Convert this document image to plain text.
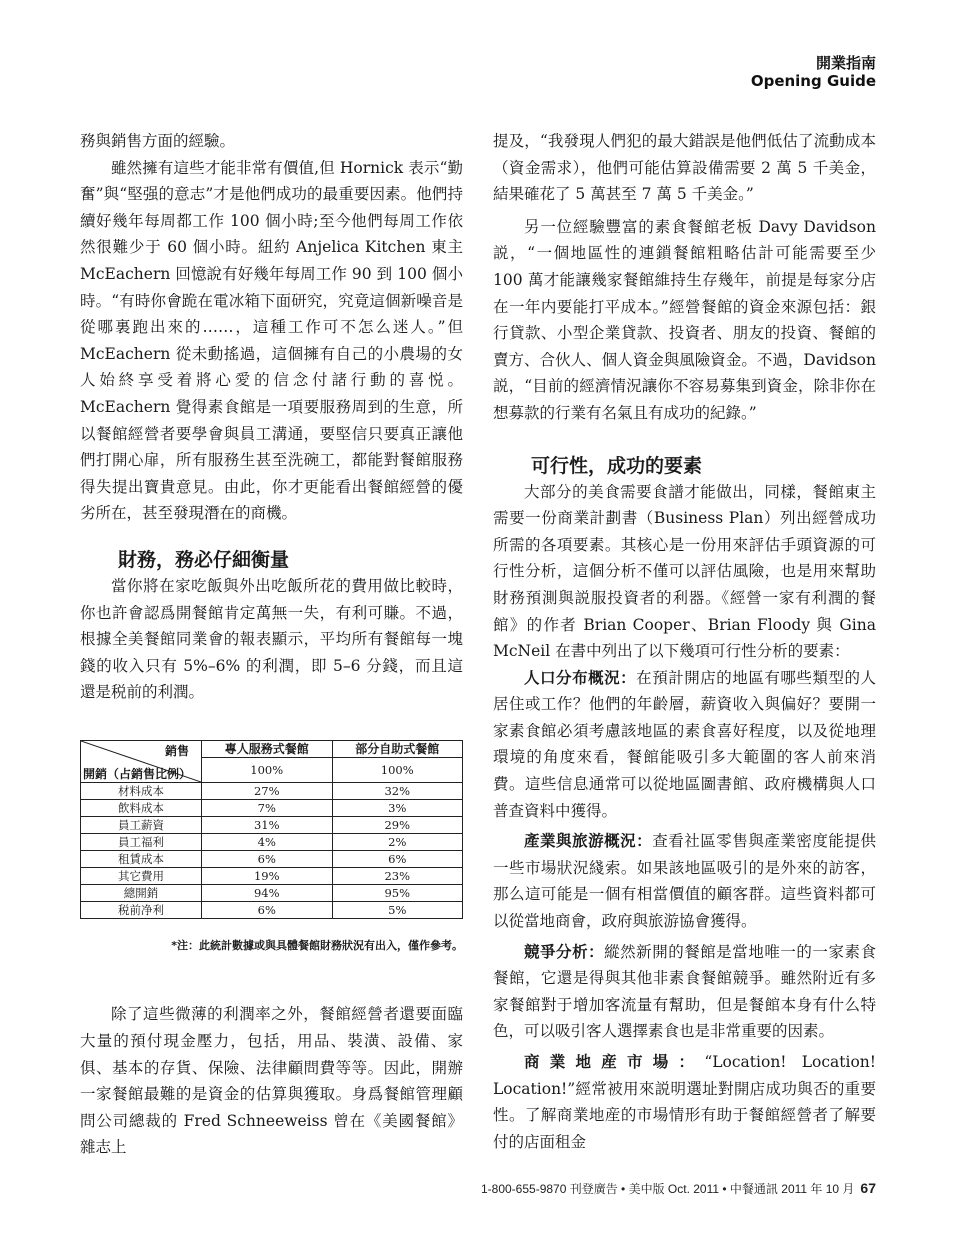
開業指南
Opening Guide

務與銷售方面的經驗。

雖然擁有這些才能非常有價值,但 Hornick 表示“勤奮”與“堅强的意志”才是他們成功的最重要因素。他們持續好幾年每周都工作 100 個小時;至今他們每周工作依然很難少于 60 個小時。紐約 Anjelica Kitchen 東主 McEachern 回憶說有好幾年每周工作 90 到 100 個小時。“有時你會跪在電冰箱下面研究，究竟這個新噪音是從哪裏跑出來的……，這種工作可不怎么迷人。”但 McEachern 從未動搖過，這個擁有自己的小農場的女人始終享受着將心愛的信念付諸行動的喜悦。McEachern 覺得素食館是一項要服務周到的生意，所以餐館經營者要學會與員工溝通，要堅信只要真正讓他們打開心扉，所有服務生甚至洗碗工，都能對餐館服務得失提出寶貴意見。由此，你才更能看出餐館經營的優劣所在，甚至發現潛在的商機。

財務，務必仔細衡量

當你將在家吃飯與外出吃飯所花的費用做比較時，你也許會認爲開餐館肯定萬無一失，有利可賺。不過，根據全美餐館同業會的報表顯示，平均所有餐館每一塊錢的收入只有 5%–6% 的利潤，即 5–6 分錢，而且這還是税前的利潤。

銷售
開銷（占銷售比例）	專人服務式餐館	部分自助式餐館
	100%	100%
材料成本	27%	32%
飲料成本	7%	3%
員工薪資	31%	29%
員工福利	4%	2%
租賃成本	6%	6%
其它費用	19%	23%
總開銷	94%	95%
税前净利	6%	5%
*注：此統計數據或與具體餐館財務狀況有出入，僅作參考。

除了這些微薄的利潤率之外，餐館經營者還要面臨大量的預付現金壓力，包括，用品、裝潢、設備、家俱、基本的存貨、保險、法律顧問費等等。因此，開辦一家餐館最難的是資金的估算與獲取。身爲餐館管理顧問公司總裁的 Fred Schneeweiss 曾在《美國餐館》雜志上

提及，“我發現人們犯的最大錯誤是他們低估了流動成本（資金需求），他們可能估算設備需要 2 萬 5 千美金，結果確花了 5 萬甚至 7 萬 5 千美金。”

另一位經驗豐富的素食餐館老板 Davy Davidson 説，“一個地區性的連鎖餐館粗略估計可能需要至少 100 萬才能讓幾家餐館維持生存幾年，前提是每家分店在一年内要能打平成本。”經營餐館的資金來源包括：銀行貸款、小型企業貸款、投資者、朋友的投資、餐館的賣方、合伙人、個人資金與風險資金。不過，Davidson 説，“目前的經濟情況讓你不容易募集到資金，除非你在想募款的行業有名氣且有成功的紀錄。”

可行性，成功的要素

大部分的美食需要食譜才能做出，同樣，餐館東主需要一份商業計劃書（Business Plan）列出經營成功所需的各項要素。其核心是一份用來評估手頭資源的可行性分析，這個分析不僅可以評估風險，也是用來幫助財務預測與説服投資者的利器。《經營一家有利潤的餐館》的作者 Brian Cooper、Brian Floody 與 Gina McNeil 在書中列出了以下幾項可行性分析的要素：

人口分布概況：在預計開店的地區有哪些類型的人居住或工作？他們的年齡層，薪資收入與偏好？要開一家素食館必須考慮該地區的素食喜好程度，以及從地理環境的角度來看，餐館能吸引多大範圍的客人前來消費。這些信息通常可以從地區圖書館、政府機構與人口普查資料中獲得。

產業與旅游概況：查看社區零售與產業密度能提供一些市場狀況綫索。如果該地區吸引的是外來的訪客，那么這可能是一個有相當價值的顧客群。這些資料都可以從當地商會，政府與旅游協會獲得。

競爭分析：縱然新開的餐館是當地唯一的一家素食餐館，它還是得與其他非素食餐館競爭。雖然附近有多家餐館對于增加客流量有幫助，但是餐館本身有什么特色，可以吸引客人選擇素食也是非常重要的因素。

商業地産市場：“Location! Location! Location!”經常被用來説明選址對開店成功與否的重要性。了解商業地産的市場情形有助于餐館經營者了解要付的店面租金

1-800-655-9870 刊登廣告 • 美中版 Oct. 2011 • 中餐通訊 2011 年 10 月 67
